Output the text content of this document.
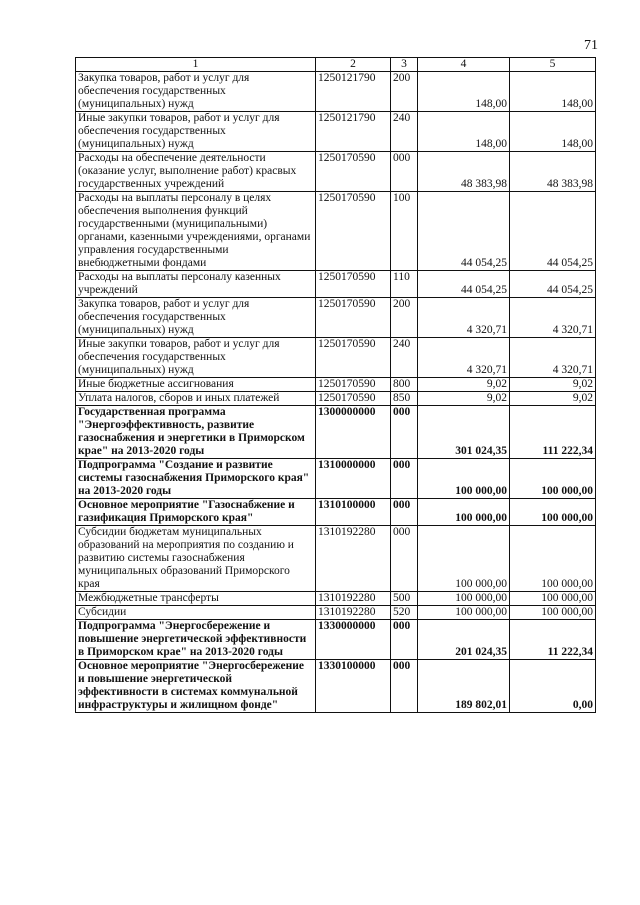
71
1	2	3	4	5
Закупка товаров, работ и услуг для обеспечения государственных (муниципальных) нужд	1250121790	200	148,00	148,00
Иные закупки товаров, работ и услуг для обеспечения государственных (муниципальных) нужд	1250121790	240	148,00	148,00
Расходы на обеспечение деятельности (оказание услуг, выполнение работ) красвых государственных учреждений	1250170590	000	48 383,98	48 383,98
Расходы на выплаты персоналу в целях обеспечения выполнения функций государственными (муниципальными) органами, казенными учреждениями, органами управления государственными внебюджетными фондами	1250170590	100	44 054,25	44 054,25
Расходы на выплаты персоналу казенных учреждений	1250170590	110	44 054,25	44 054,25
Закупка товаров, работ и услуг для обеспечения государственных (муниципальных) нужд	1250170590	200	4 320,71	4 320,71
Иные закупки товаров, работ и услуг для обеспечения государственных (муниципальных) нужд	1250170590	240	4 320,71	4 320,71
Иные бюджетные ассигнования	1250170590	800	9,02	9,02
Уплата налогов, сборов и иных платежей	1250170590	850	9,02	9,02
Государственная программа "Энергоэффективность, развитие газоснабжения и энергетики в Приморском крае" на 2013-2020 годы	1300000000	000	301 024,35	111 222,34
Подпрограмма "Создание и развитие системы газоснабжения Приморского края" на 2013-2020 годы	1310000000	000	100 000,00	100 000,00
Основное мероприятие "Газоснабжение и газификация Приморского края"	1310100000	000	100 000,00	100 000,00
Субсидии бюджетам муниципальных образований на мероприятия по созданию и развитию системы газоснабжения муниципальных образований Приморского края	1310192280	000	100 000,00	100 000,00
Межбюджетные трансферты	1310192280	500	100 000,00	100 000,00
Субсидии	1310192280	520	100 000,00	100 000,00
Подпрограмма "Энергосбережение и повышение энергетической эффективности в Приморском крае" на 2013-2020 годы	1330000000	000	201 024,35	11 222,34
Основное мероприятие "Энергосбережение и повышение энергетической эффективности в системах коммунальной инфраструктуры и жилищном фонде"	1330100000	000	189 802,01	0,00
